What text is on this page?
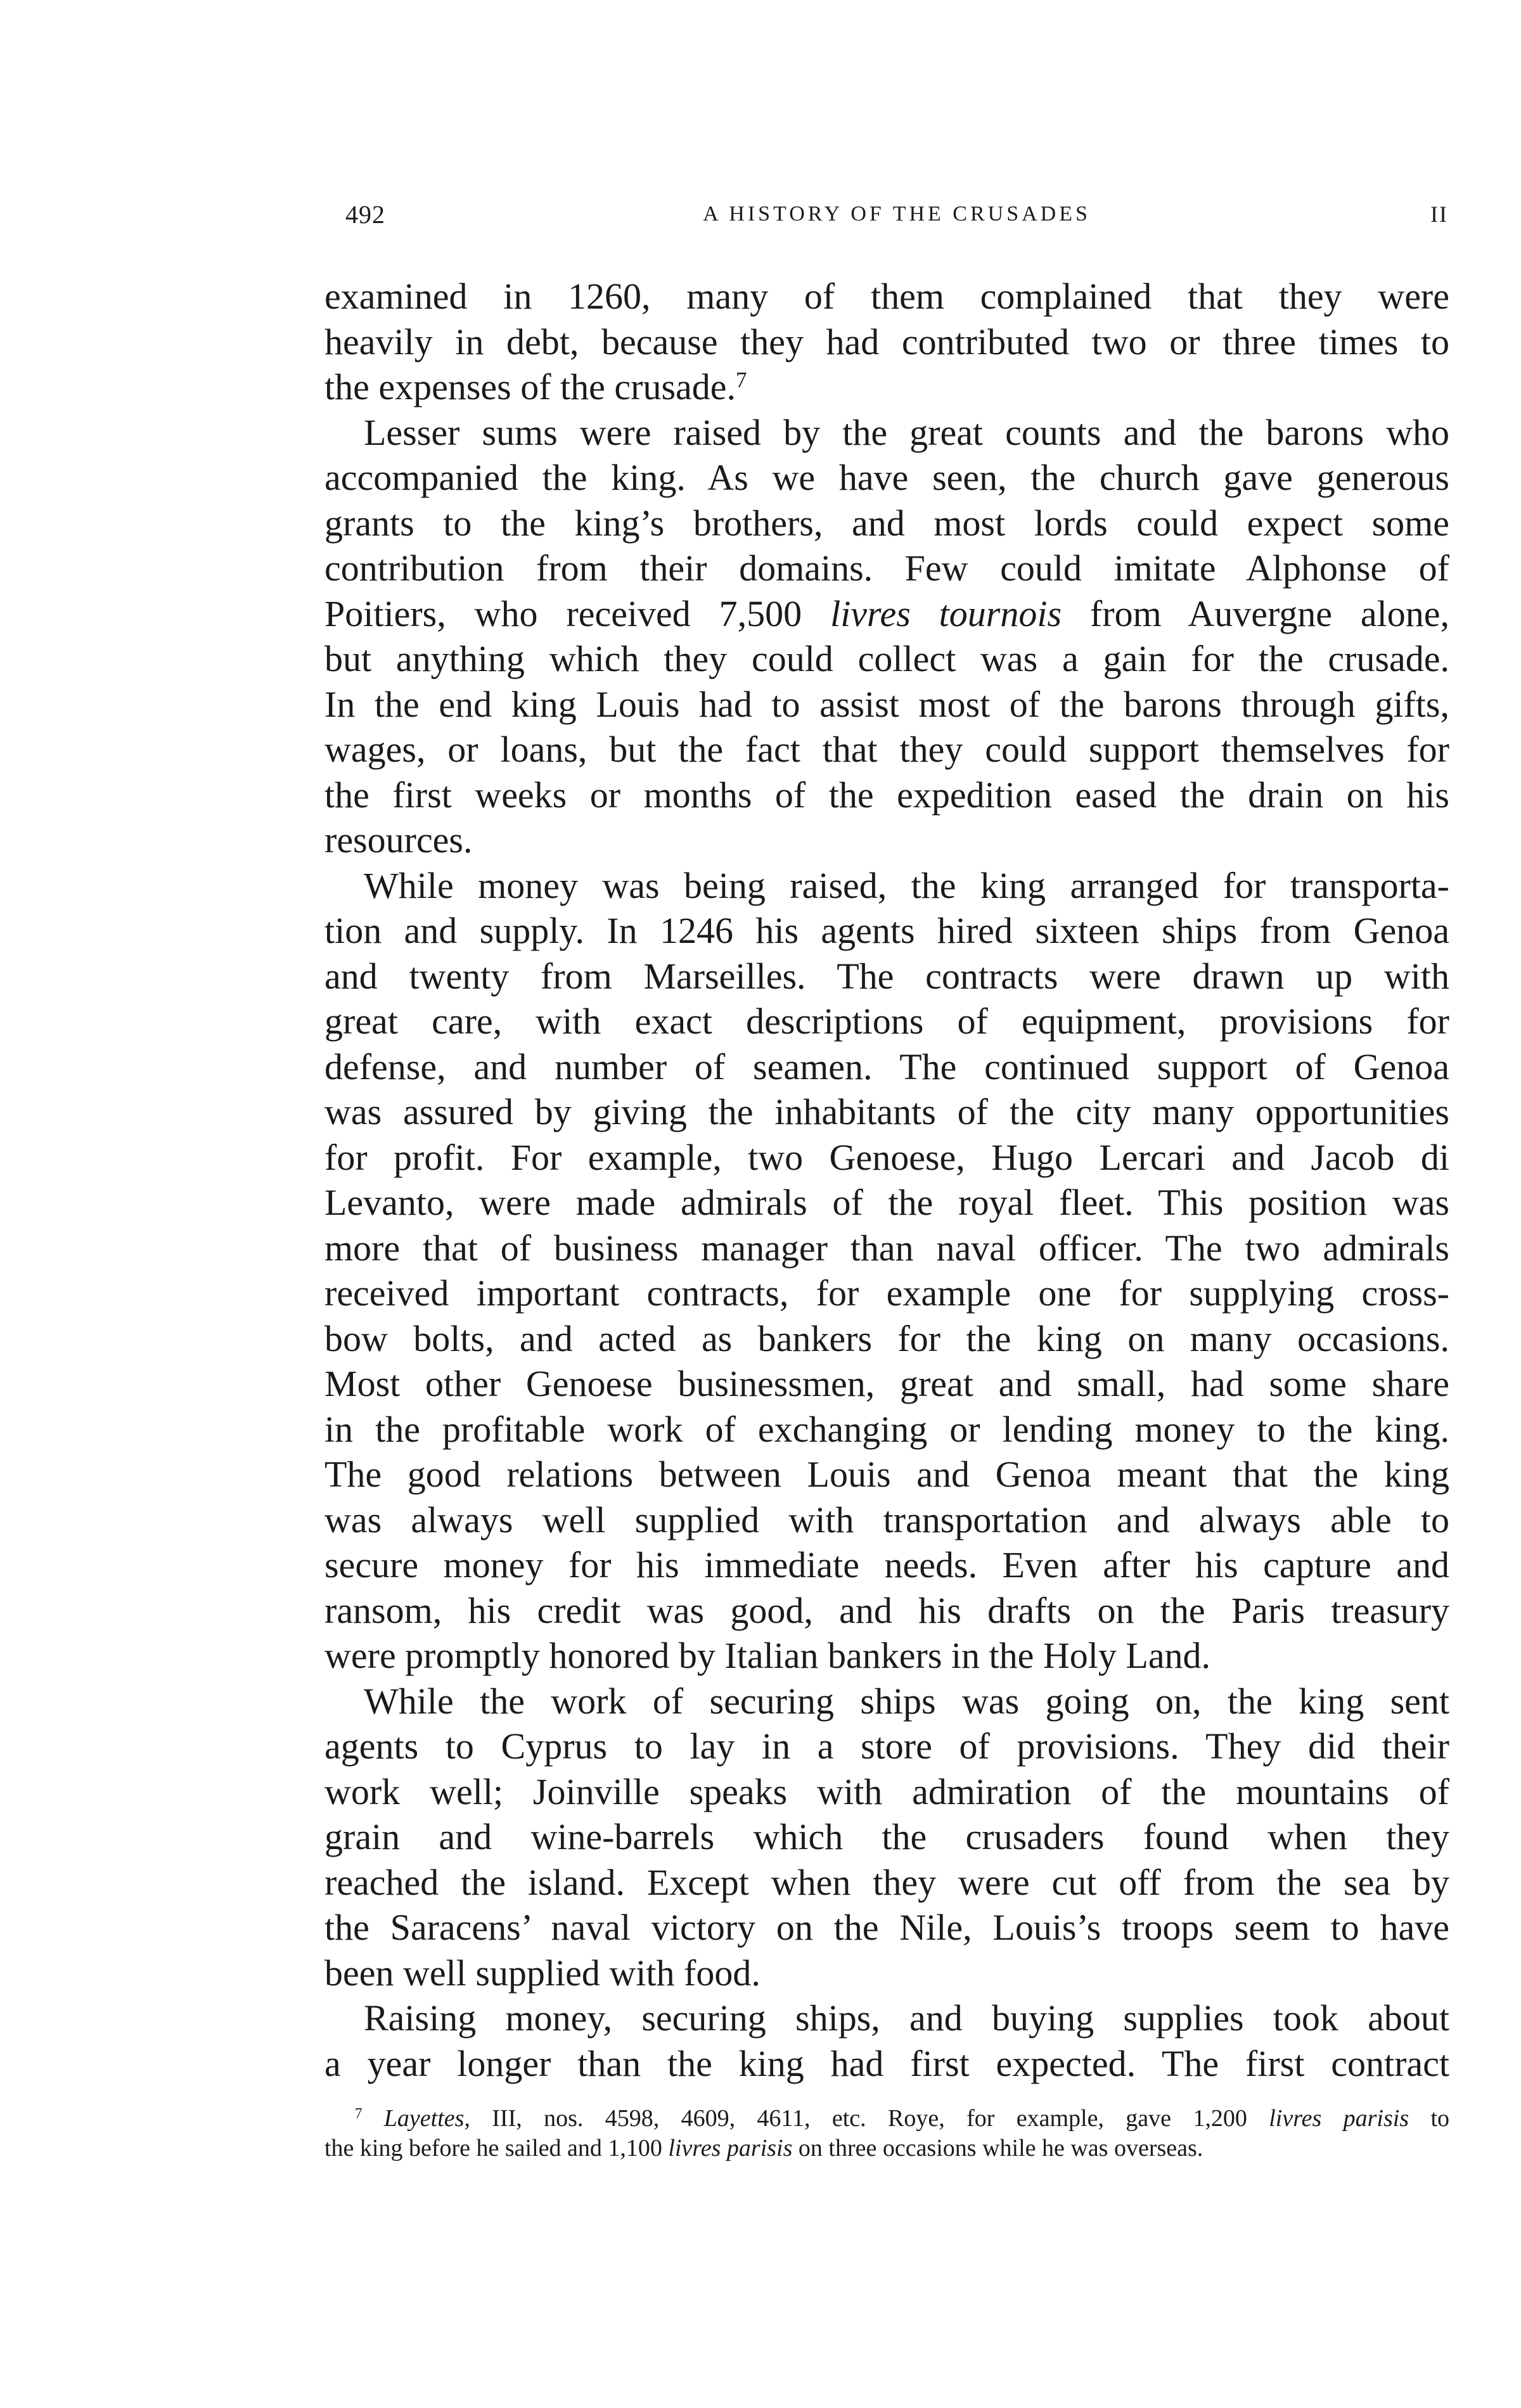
492	A HISTORY OF THE CRUSADES	II
examined in 1260, many of them complained that they were
heavily in debt, because they had contributed two or three times to
the expenses of the crusade.$^7$
Lesser sums were raised by the great counts and the barons who
accompanied the king. As we have seen, the church gave generous
grants to the king’s brothers, and most lords could expect some
contribution from their domains. Few could imitate Alphonse of
Poitiers, who received 7,500 livres tournois from Auvergne alone,
but anything which they could collect was a gain for the crusade.
In the end king Louis had to assist most of the barons through gifts,
wages, or loans, but the fact that they could support themselves for
the first weeks or months of the expedition eased the drain on his
resources.
While money was being raised, the king arranged for transporta-
tion and supply. In 1246 his agents hired sixteen ships from Genoa
and twenty from Marseilles. The contracts were drawn up with
great care, with exact descriptions of equipment, provisions for
defense, and number of seamen. The continued support of Genoa
was assured by giving the inhabitants of the city many opportunities
for profit. For example, two Genoese, Hugo Lercari and Jacob di
Levanto, were made admirals of the royal fleet. This position was
more that of business manager than naval officer. The two admirals
received important contracts, for example one for supplying cross-
bow bolts, and acted as bankers for the king on many occasions.
Most other Genoese businessmen, great and small, had some share
in the profitable work of exchanging or lending money to the king.
The good relations between Louis and Genoa meant that the king
was always well supplied with transportation and always able to
secure money for his immediate needs. Even after his capture and
ransom, his credit was good, and his drafts on the Paris treasury
were promptly honored by Italian bankers in the Holy Land.
While the work of securing ships was going on, the king sent
agents to Cyprus to lay in a store of provisions. They did their
work well; Joinville speaks with admiration of the mountains of
grain and wine-barrels which the crusaders found when they
reached the island. Except when they were cut off from the sea by
the Saracens’ naval victory on the Nile, Louis’s troops seem to have
been well supplied with food.
Raising money, securing ships, and buying supplies took about
a year longer than the king had first expected. The first contract
$^7$ Layettes, III, nos. 4598, 4609, 4611, etc. Roye, for example, gave 1,200 livres parisis to
the king before he sailed and 1,100 livres parisis on three occasions while he was overseas.
